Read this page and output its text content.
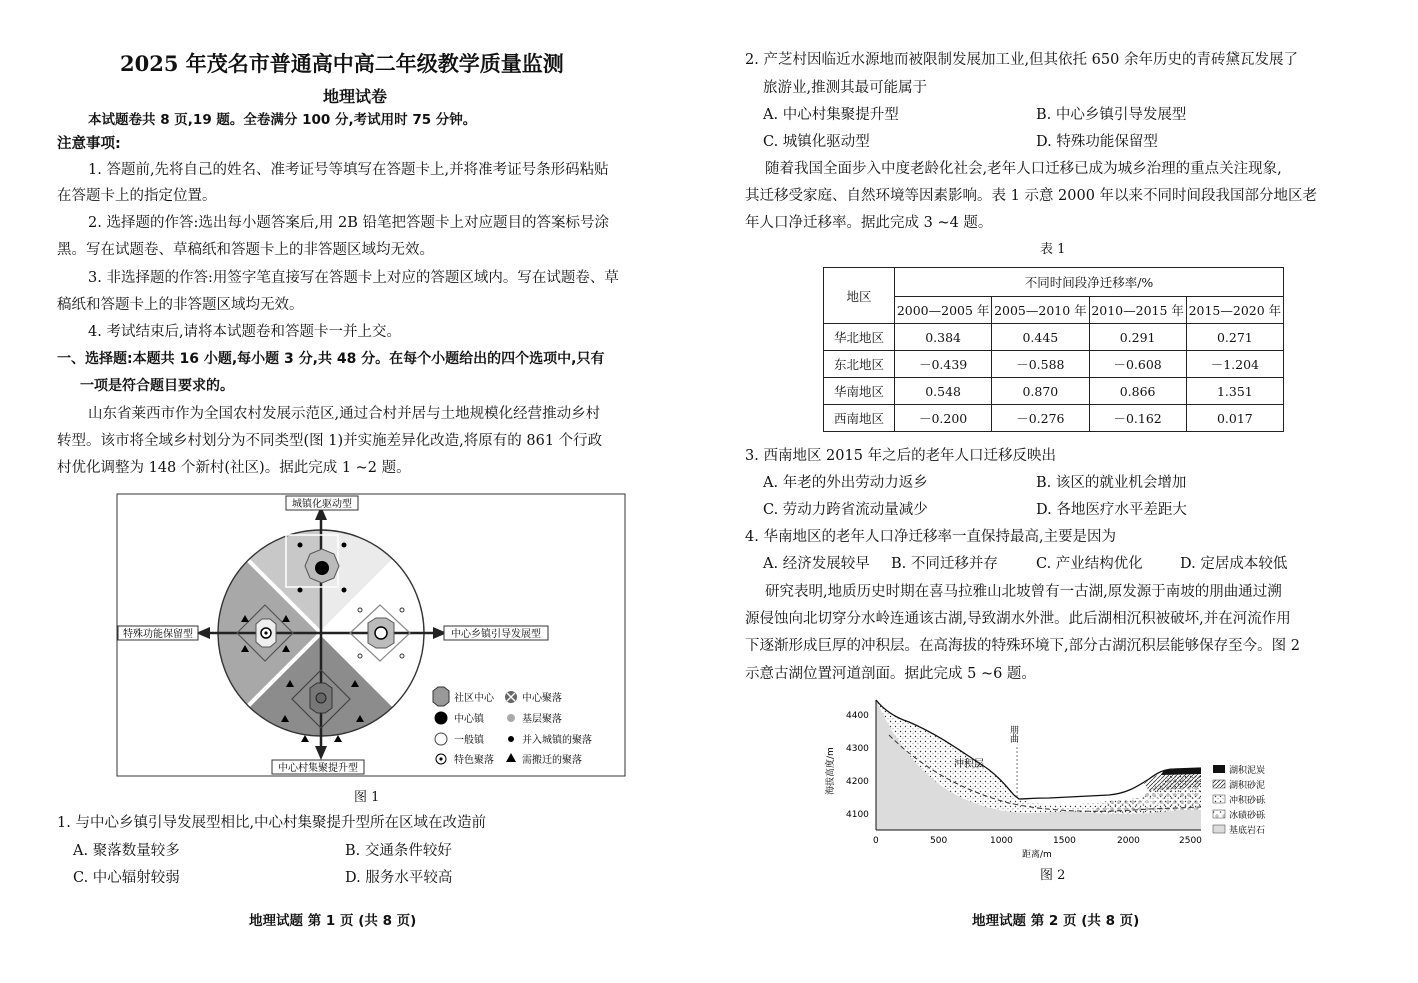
2025 年茂名市普通高中高二年级教学质量监测
地理试卷
本试题卷共 8 页,19 题。全卷满分 100 分,考试用时 75 分钟。
注意事项:
1. 答题前,先将自己的姓名、准考证号等填写在答题卡上,并将准考证号条形码粘贴
在答题卡上的指定位置。
2. 选择题的作答:选出每小题答案后,用 2B 铅笔把答题卡上对应题目的答案标号涂
黑。写在试题卷、草稿纸和答题卡上的非答题区域均无效。
3. 非选择题的作答:用签字笔直接写在答题卡上对应的答题区域内。写在试题卷、草
稿纸和答题卡上的非答题区域均无效。
4. 考试结束后,请将本试题卷和答题卡一并上交。
一、选择题:本题共 16 小题,每小题 3 分,共 48 分。在每个小题给出的四个选项中,只有
一项是符合题目要求的。
山东省莱西市作为全国农村发展示范区,通过合村并居与土地规模化经营推动乡村
转型。该市将全域乡村划分为不同类型(图 1)并实施差异化改造,将原有的 861 个行政
村优化调整为 148 个新村(社区)。据此完成 1 ~2 题。
城镇化驱动型
特殊功能保留型	中心乡镇引导发展型
中心村集聚提升型
社区中心	中心聚落
中心镇	基层聚落
一般镇	并入城镇的聚落
特色聚落	需搬迁的聚落
图 1
1. 与中心乡镇引导发展型相比,中心村集聚提升型所在区域在改造前
A. 聚落数量较多	B. 交通条件较好
C. 中心辐射较弱	D. 服务水平较高
地理试题 第 1 页 (共 8 页)
2. 产芝村因临近水源地而被限制发展加工业,但其依托 650 余年历史的青砖黛瓦发展了
旅游业,推测其最可能属于
A. 中心村集聚提升型	B. 中心乡镇引导发展型
C. 城镇化驱动型	D. 特殊功能保留型
随着我国全面步入中度老龄化社会,老年人口迁移已成为城乡治理的重点关注现象,
其迁移受家庭、自然环境等因素影响。表 1 示意 2000 年以来不同时间段我国部分地区老
年人口净迁移率。据此完成 3 ~4 题。
表 1
地区	不同时间段净迁移率/%			
	2000—2005 年	2005—2010 年	2010—2015 年	2015—2020 年
华北地区	0.384	0.445	0.291	0.271
东北地区	－0.439	－0.588	－0.608	－1.204
华南地区	0.548	0.870	0.866	1.351
西南地区	－0.200	－0.276	－0.162	0.017
3. 西南地区 2015 年之后的老年人口迁移反映出
A. 年老的外出劳动力返乡	B. 该区的就业机会增加
C. 劳动力跨省流动量减少	D. 各地医疗水平差距大
4. 华南地区的老年人口净迁移率一直保持最高,主要是因为
A. 经济发展较早 B. 不同迁移并存	C. 产业结构优化	D. 定居成本较低
研究表明,地质历史时期在喜马拉雅山北坡曾有一古湖,原发源于南坡的朋曲通过溯
源侵蚀向北切穿分水岭连通该古湖,导致湖水外泄。此后湖相沉积被破坏,并在河流作用
下逐渐形成巨厚的冲积层。在高海拔的特殊环境下,部分古湖沉积层能够保存至今。图 2
示意古湖位置河道剖面。据此完成 5 ~6 题。
朋曲
冲积层
冰碛
4400
4300
4200
4100
0	500	1000	1500	2000	2500
距离/m
海拔高度/m	湖积泥炭
湖积砂泥
冲积砂砾
冰碛砂砾
基底岩石
图 2
地理试题 第 2 页 (共 8 页)
